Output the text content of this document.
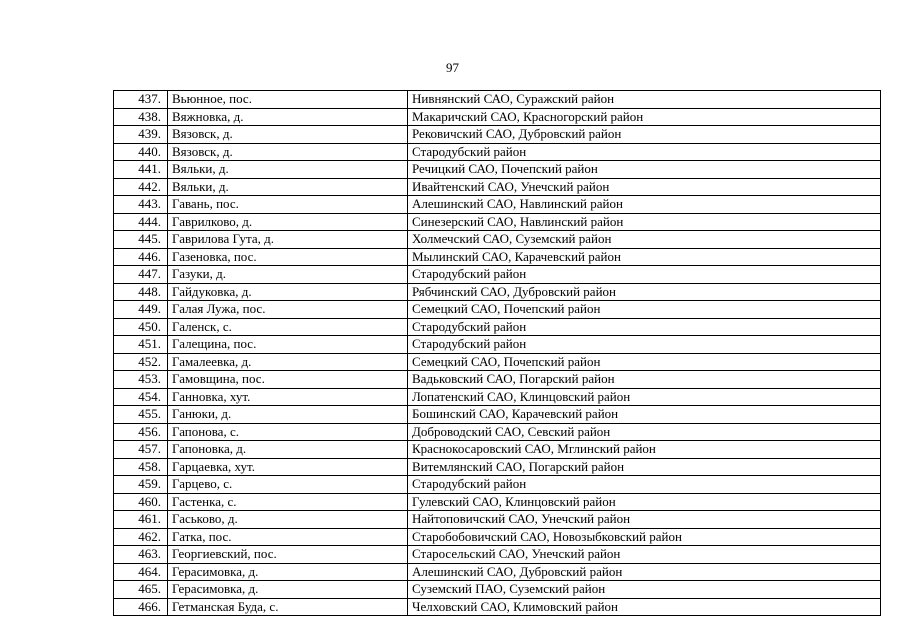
97
437.	Вьюнное, пос.	Нивнянский САО, Суражский район
438.	Вяжновка, д.	Макаричский САО, Красногорский район
439.	Вязовск, д.	Рековичский САО, Дубровский район
440.	Вязовск, д.	Стародубский район
441.	Вяльки, д.	Речицкий САО, Почепский район
442.	Вяльки, д.	Ивайтенский САО, Унечский район
443.	Гавань, пос.	Алешинский САО, Навлинский район
444.	Гаврилково, д.	Синезерский САО, Навлинский район
445.	Гаврилова Гута, д.	Холмечский САО, Суземский район
446.	Газеновка, пос.	Мылинский САО, Карачевский район
447.	Газуки, д.	Стародубский район
448.	Гайдуковка, д.	Рябчинский САО, Дубровский район
449.	Галая Лужа, пос.	Семецкий САО, Почепский район
450.	Галенск, с.	Стародубский район
451.	Галещина, пос.	Стародубский район
452.	Гамалеевка, д.	Семецкий САО, Почепский район
453.	Гамовщина, пос.	Вадьковский САО, Погарский район
454.	Ганновка, хут.	Лопатенский САО, Клинцовский район
455.	Ганюки, д.	Бошинский САО, Карачевский район
456.	Гапонова, с.	Доброводский САО, Севский район
457.	Гапоновка, д.	Краснокосаровский САО, Мглинский район
458.	Гарцаевка, хут.	Витемлянский САО, Погарский район
459.	Гарцево, с.	Стародубский район
460.	Гастенка, с.	Гулевский САО, Клинцовский район
461.	Гаськово, д.	Найтоповичский САО, Унечский район
462.	Гатка, пос.	Старобобовичский САО, Новозыбковский район
463.	Георгиевский, пос.	Старосельский САО, Унечский район
464.	Герасимовка, д.	Алешинский САО, Дубровский район
465.	Герасимовка, д.	Суземский ПАО, Суземский район
466.	Гетманская Буда, с.	Челховский САО, Климовский район
